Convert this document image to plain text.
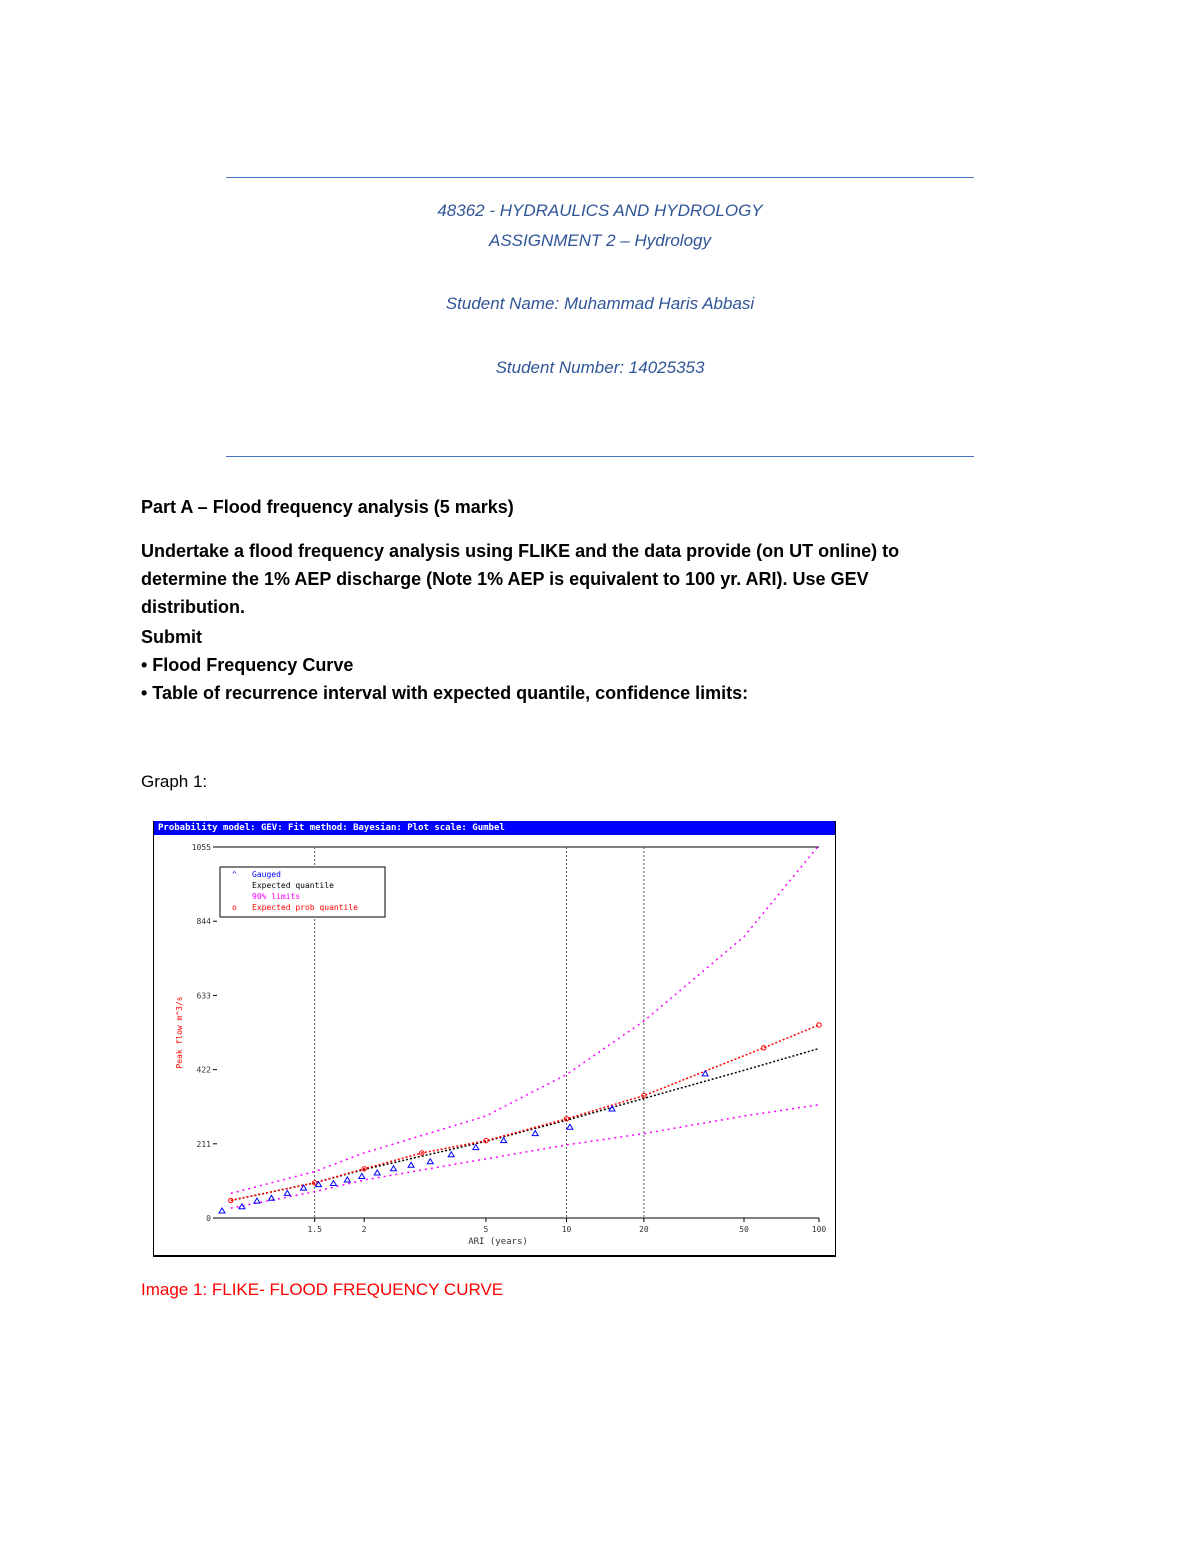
48362 - HYDRAULICS AND HYDROLOGY
ASSIGNMENT 2 – Hydrology
Student Name: Muhammad Haris Abbasi
Student Number: 14025353
Part A – Flood frequency analysis (5 marks)
Undertake a flood frequency analysis using FLIKE and the data provide (on UT online) to
determine the 1% AEP discharge (Note 1% AEP is equivalent to 100 yr. ARI). Use GEV
distribution.
Submit
• Flood Frequency Curve
• Table of recurrence interval with expected quantile, confidence limits:
Graph 1:
Probability model: GEV: Fit method: Bayesian: Plot scale: Gumbel
0
211
422
633
844
1055
1.5	2	5	10	20	50	100
ARI (years)
Peak flow m^3/s
^ Gauged
Expected quantile
90% limits
o Expected prob quantile
Image 1: FLIKE- FLOOD FREQUENCY CURVE
